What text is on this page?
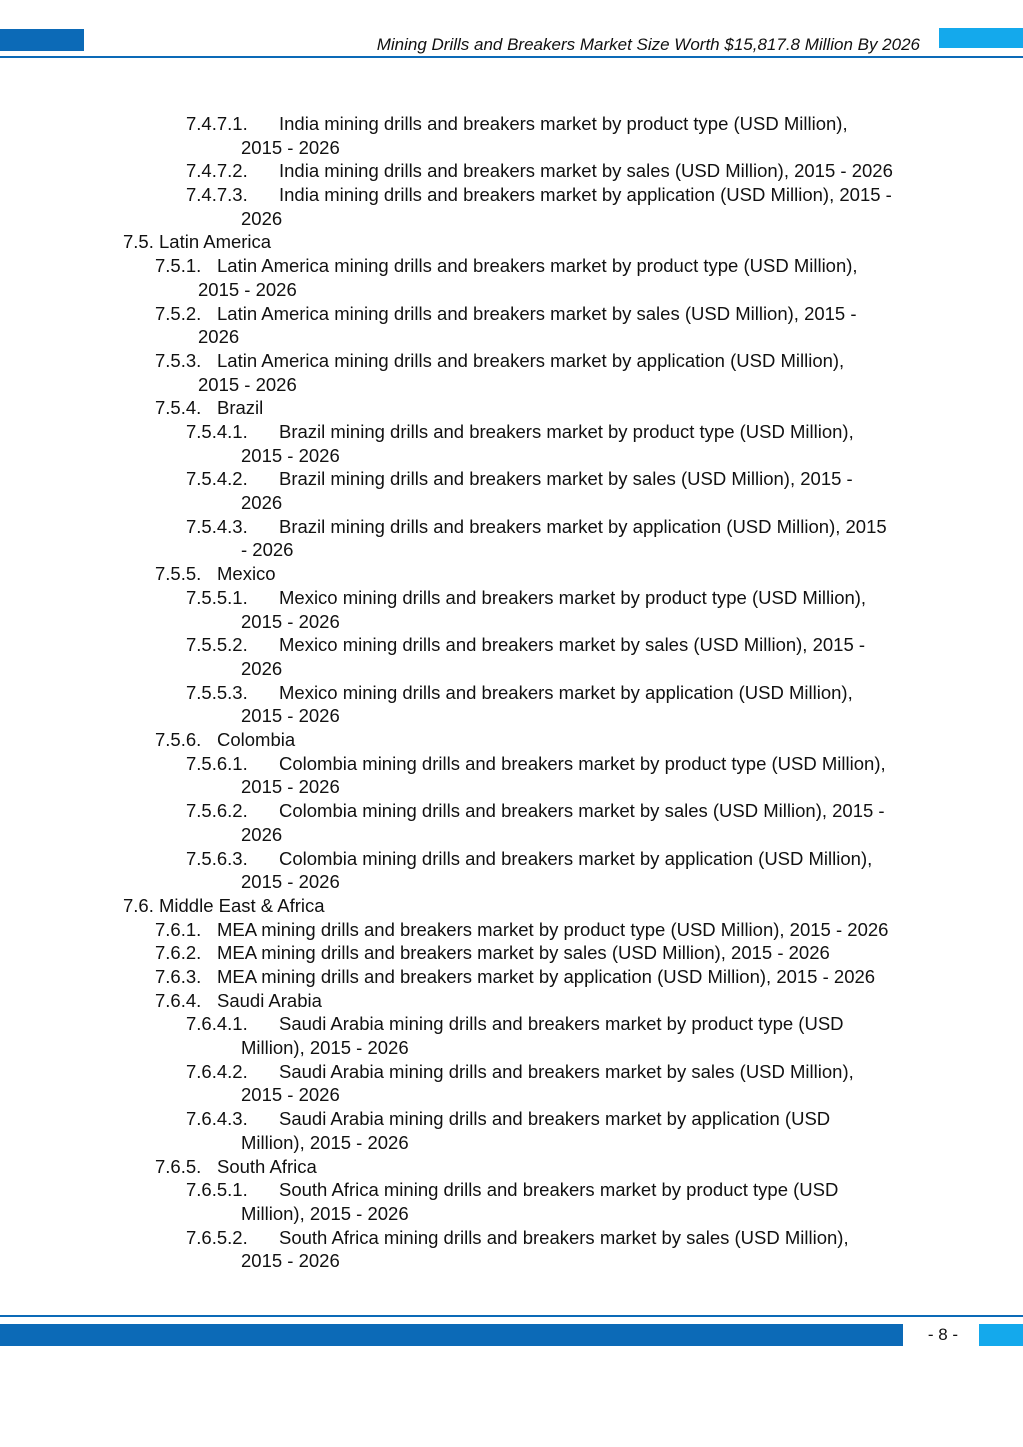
Mining Drills and Breakers Market Size Worth $15,817.8 Million By 2026
7.4.7.1. India mining drills and breakers market by product type (USD Million),
2015 - 2026
7.4.7.2. India mining drills and breakers market by sales (USD Million), 2015 - 2026
7.4.7.3. India mining drills and breakers market by application (USD Million), 2015 -
2026
7.5. Latin America
7.5.1. Latin America mining drills and breakers market by product type (USD Million),
2015 - 2026
7.5.2. Latin America mining drills and breakers market by sales (USD Million), 2015 -
2026
7.5.3. Latin America mining drills and breakers market by application (USD Million),
2015 - 2026
7.5.4. Brazil
7.5.4.1. Brazil mining drills and breakers market by product type (USD Million),
2015 - 2026
7.5.4.2. Brazil mining drills and breakers market by sales (USD Million), 2015 -
2026
7.5.4.3. Brazil mining drills and breakers market by application (USD Million), 2015
- 2026
7.5.5. Mexico
7.5.5.1. Mexico mining drills and breakers market by product type (USD Million),
2015 - 2026
7.5.5.2. Mexico mining drills and breakers market by sales (USD Million), 2015 -
2026
7.5.5.3. Mexico mining drills and breakers market by application (USD Million),
2015 - 2026
7.5.6. Colombia
7.5.6.1. Colombia mining drills and breakers market by product type (USD Million),
2015 - 2026
7.5.6.2. Colombia mining drills and breakers market by sales (USD Million), 2015 -
2026
7.5.6.3. Colombia mining drills and breakers market by application (USD Million),
2015 - 2026
7.6. Middle East & Africa
7.6.1. MEA mining drills and breakers market by product type (USD Million), 2015 - 2026
7.6.2. MEA mining drills and breakers market by sales (USD Million), 2015 - 2026
7.6.3. MEA mining drills and breakers market by application (USD Million), 2015 - 2026
7.6.4. Saudi Arabia
7.6.4.1. Saudi Arabia mining drills and breakers market by product type (USD
Million), 2015 - 2026
7.6.4.2. Saudi Arabia mining drills and breakers market by sales (USD Million),
2015 - 2026
7.6.4.3. Saudi Arabia mining drills and breakers market by application (USD
Million), 2015 - 2026
7.6.5. South Africa
7.6.5.1. South Africa mining drills and breakers market by product type (USD
Million), 2015 - 2026
7.6.5.2. South Africa mining drills and breakers market by sales (USD Million),
2015 - 2026
- 8 -
